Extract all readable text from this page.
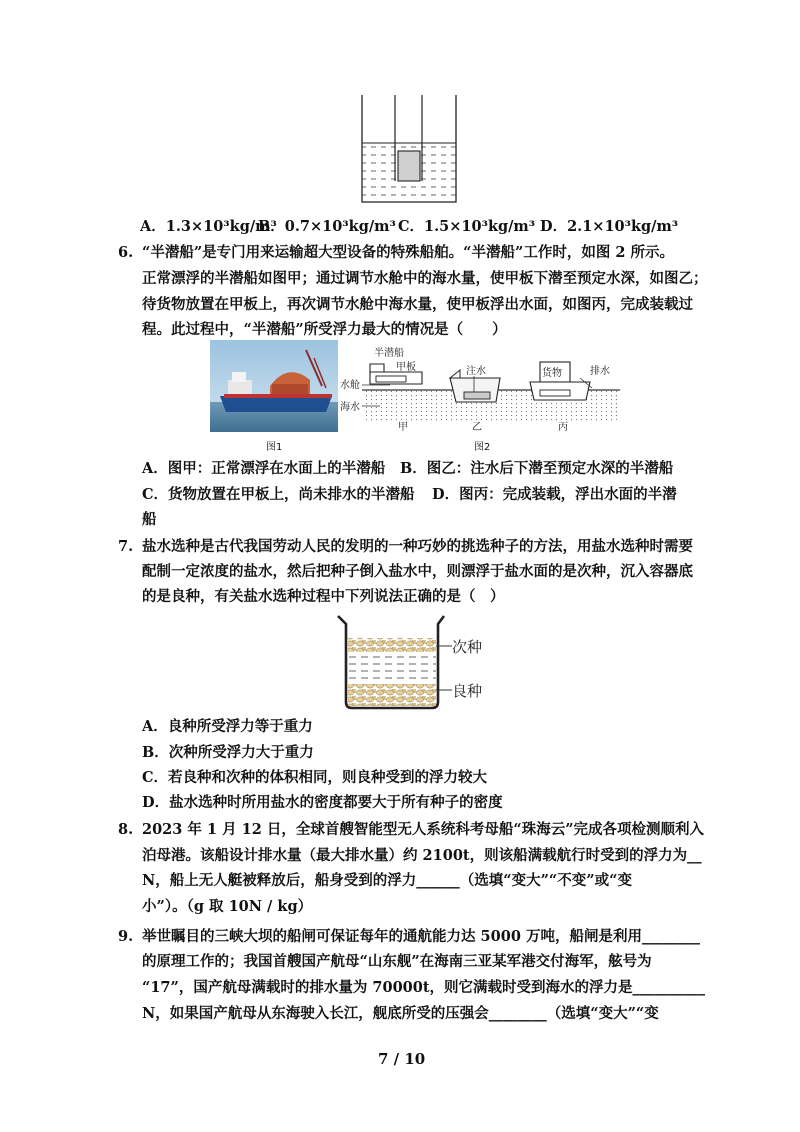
A．1.3×10³kg/m³
B．0.7×10³kg/m³ C．1.5×10³kg/m³ D．2.1×10³kg/m³
6. “半潜船”是专门用来运输超大型设备的特殊船舶。“半潜船”工作时，如图 2 所示。
正常漂浮的半潜船如图甲；通过调节水舱中的海水量，使甲板下潜至预定水深，如图乙；
待货物放置在甲板上，再次调节水舱中海水量，使甲板浮出水面，如图丙，完成装载过
程。此过程中，“半潜船”所受浮力最大的情况是（　　）
图1
水舱
海水
半潜船
甲板	注水	货物	排水
甲	乙	丙
图2
A．图甲：正常漂浮在水面上的半潜船 B．图乙：注水后下潜至预定水深的半潜船
C．货物放置在甲板上，尚未排水的半潜船 D．图丙：完成装载，浮出水面的半潜
船
7. 盐水选种是古代我国劳动人民的发明的一种巧妙的挑选种子的方法，用盐水选种时需要
配制一定浓度的盐水，然后把种子倒入盐水中，则漂浮于盐水面的是次种，沉入容器底
的是良种，有关盐水选种过程中下列说法正确的是（　）
次种
良种
A．良种所受浮力等于重力
B．次种所受浮力大于重力
C．若良种和次种的体积相同，则良种受到的浮力较大
D．盐水选种时所用盐水的密度都要大于所有种子的密度
8. 2023 年 1 月 12 日，全球首艘智能型无人系统科考母船“珠海云”完成各项检测顺利入
泊母港。该船设计排水量（最大排水量）约 2100t，则该船满载航行时受到的浮力为__
N，船上无人艇被释放后，船身受到的浮力______（选填“变大”“不变”或“变
小”）。（g 取 10N / kg）
9. 举世瞩目的三峡大坝的船闸可保证每年的通航能力达 5000 万吨，船闸是利用________
的原理工作的；我国首艘国产航母“山东舰”在海南三亚某军港交付海军，舷号为
“17”，国产航母满载时的排水量为 70000t，则它满载时受到海水的浮力是__________
N，如果国产航母从东海驶入长江，舰底所受的压强会________（选填“变大”“变
7 / 10
